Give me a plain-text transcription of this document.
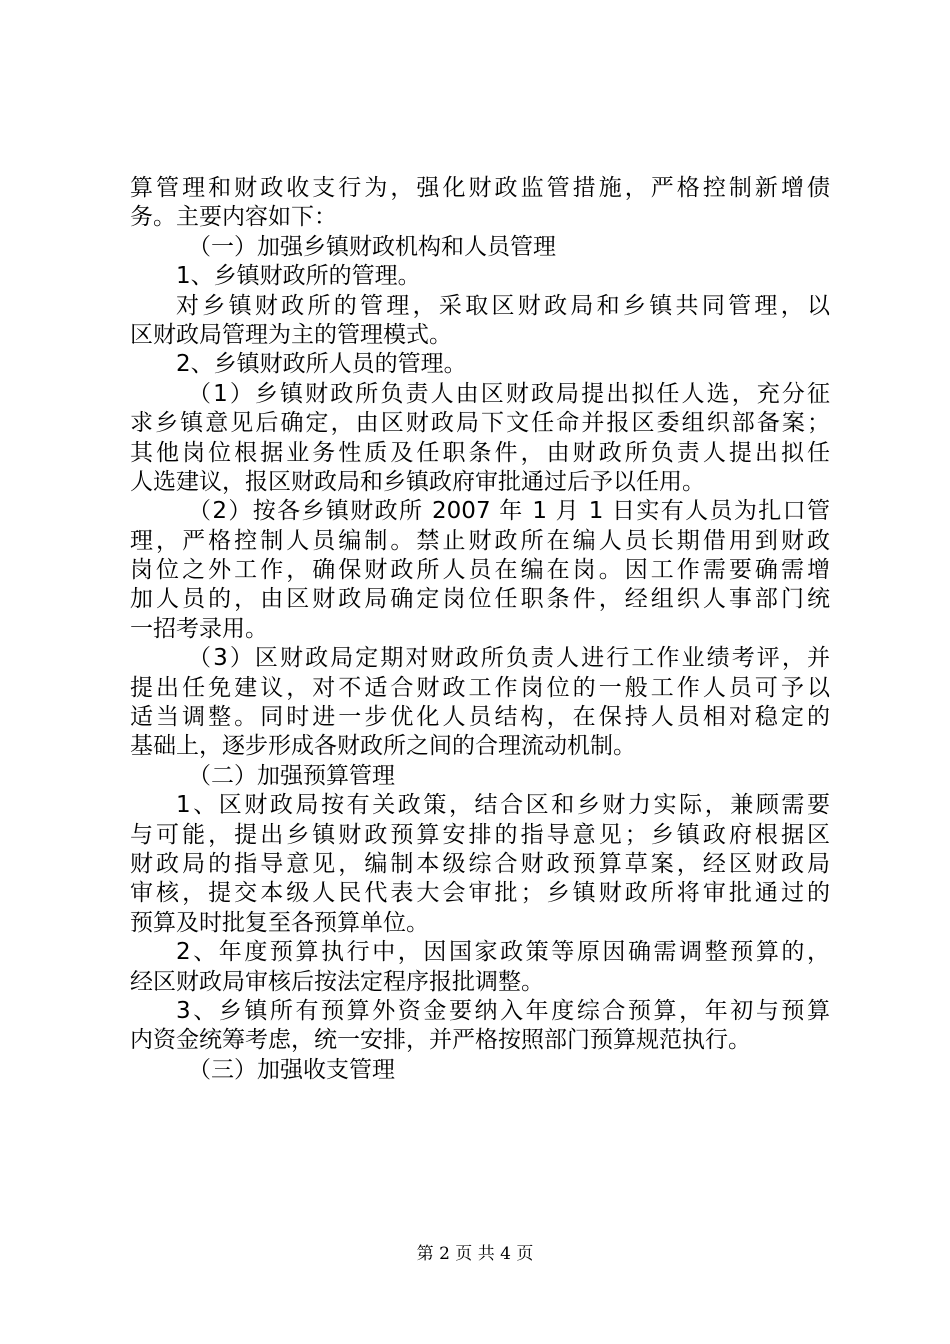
算管理和财政收支行为，强化财政监管措施，严格控制新增债
务。主要内容如下：
（一）加强乡镇财政机构和人员管理
1、乡镇财政所的管理。
对乡镇财政所的管理，采取区财政局和乡镇共同管理，以
区财政局管理为主的管理模式。
2、乡镇财政所人员的管理。
（1）乡镇财政所负责人由区财政局提出拟任人选，充分征
求乡镇意见后确定，由区财政局下文任命并报区委组织部备案；
其他岗位根据业务性质及任职条件，由财政所负责人提出拟任
人选建议，报区财政局和乡镇政府审批通过后予以任用。
（2）按各乡镇财政所 2007 年 1 月 1 日实有人员为扎口管
理，严格控制人员编制。禁止财政所在编人员长期借用到财政
岗位之外工作，确保财政所人员在编在岗。因工作需要确需增
加人员的，由区财政局确定岗位任职条件，经组织人事部门统
一招考录用。
（3）区财政局定期对财政所负责人进行工作业绩考评，并
提出任免建议，对不适合财政工作岗位的一般工作人员可予以
适当调整。同时进一步优化人员结构，在保持人员相对稳定的
基础上，逐步形成各财政所之间的合理流动机制。
（二）加强预算管理
1、区财政局按有关政策，结合区和乡财力实际，兼顾需要
与可能，提出乡镇财政预算安排的指导意见；乡镇政府根据区
财政局的指导意见，编制本级综合财政预算草案，经区财政局
审核，提交本级人民代表大会审批；乡镇财政所将审批通过的
预算及时批复至各预算单位。
2、年度预算执行中，因国家政策等原因确需调整预算的，
经区财政局审核后按法定程序报批调整。
3、乡镇所有预算外资金要纳入年度综合预算，年初与预算
内资金统筹考虑，统一安排，并严格按照部门预算规范执行。
（三）加强收支管理
第 2 页 共 4 页
